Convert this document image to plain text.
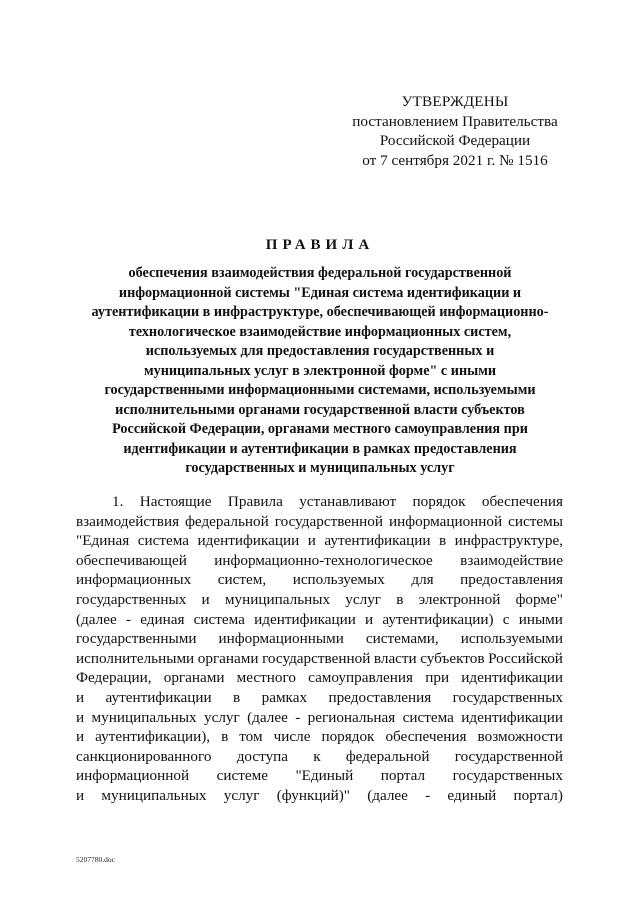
УТВЕРЖДЕНЫ
постановлением Правительства
Российской Федерации
от 7 сентября 2021 г. № 1516
ПРАВИЛА
обеспечения взаимодействия федеральной государственной
информационной системы "Единая система идентификации и
аутентификации в инфраструктуре, обеспечивающей информационно-
технологическое взаимодействие информационных систем,
используемых для предоставления государственных и
муниципальных услуг в электронной форме" с иными
государственными информационными системами, используемыми
исполнительными органами государственной власти субъектов
Российской Федерации, органами местного самоуправления при
идентификации и аутентификации в рамках предоставления
государственных и муниципальных услуг
1. Настоящие Правила устанавливают порядок обеспечения
взаимодействия федеральной государственной информационной системы
"Единая система идентификации и аутентификации в инфраструктуре,
обеспечивающей информационно-технологическое взаимодействие
информационных систем, используемых для предоставления
государственных и муниципальных услуг в электронной форме"
(далее - единая система идентификации и аутентификации) с иными
государственными информационными системами, используемыми
исполнительными органами государственной власти субъектов Российской
Федерации, органами местного самоуправления при идентификации
и аутентификации в рамках предоставления государственных
и муниципальных услуг (далее - региональная система идентификации
и аутентификации), в том числе порядок обеспечения возможности
санкционированного доступа к федеральной государственной
информационной системе "Единый портал государственных
и муниципальных услуг (функций)" (далее - единый портал)
5207780.doc
